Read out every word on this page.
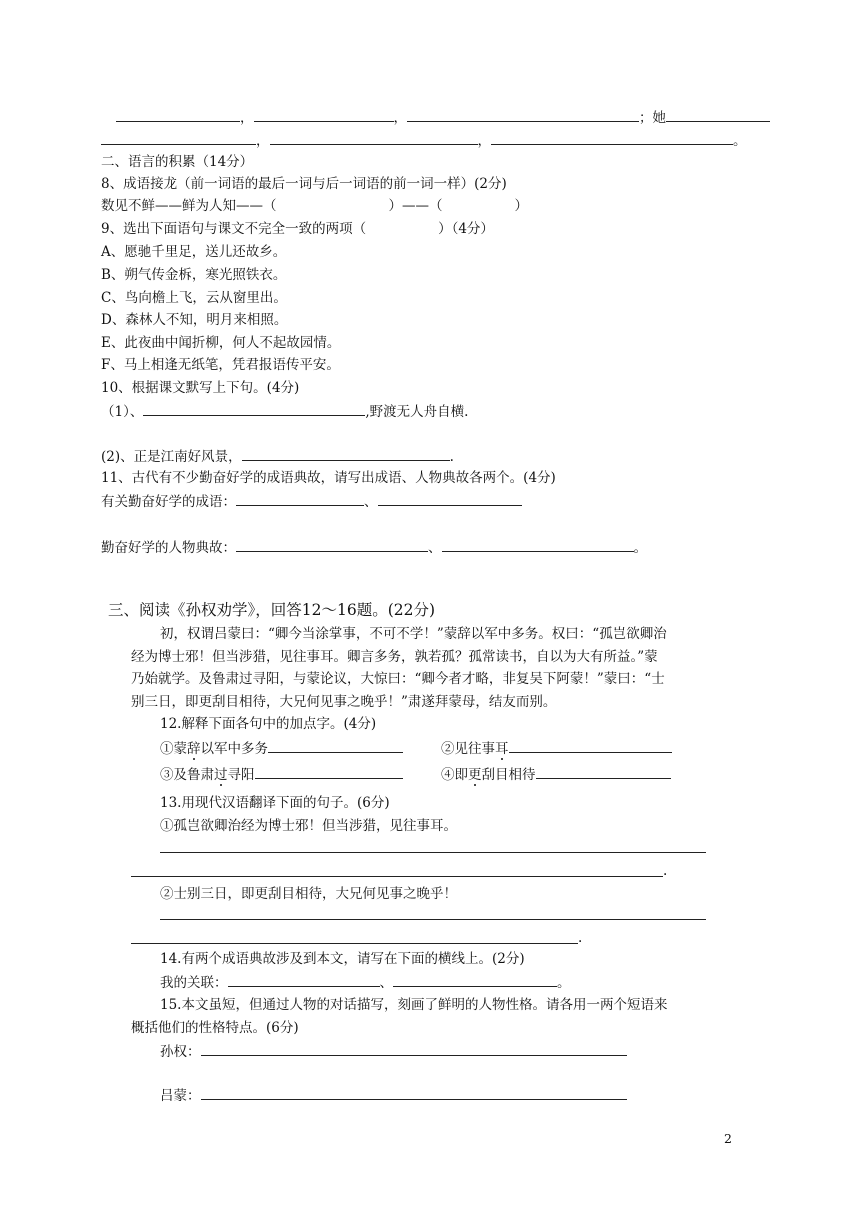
，	，	；她
，	，	。
二、语言的积累（14分）
8、成语接龙（前一词语的最后一词与后一词语的前一词一样）(2分)
数见不鲜——鲜为人知——（	）——（	）
9、选出下面语句与课文不完全一致的两项（	）（4分）
A、愿驰千里足，送儿还故乡。
B、朔气传金柝，寒光照铁衣。
C、鸟向檐上飞，云从窗里出。
D、森林人不知，明月来相照。
E、此夜曲中闻折柳，何人不起故园情。
F、马上相逢无纸笔，凭君报语传平安。
10、根据课文默写上下句。(4分)
（1）、	,野渡无人舟自横.
(2)、正是江南好风景，	.
11、古代有不少勤奋好学的成语典故，请写出成语、人物典故各两个。(4分)
有关勤奋好学的成语：	、
勤奋好学的人物典故：	、	。
三、阅读《孙权劝学》，回答12～16题。(22分)
初，权谓吕蒙曰：“卿今当涂掌事，不可不学！”蒙辞以军中多务。权曰：“孤岂欲卿治
经为博士邪！但当涉猎，见往事耳。卿言多务，孰若孤？孤常读书，自以为大有所益。”蒙
乃始就学。及鲁肃过寻阳，与蒙论议，大惊曰：“卿今者才略，非复吴下阿蒙！”蒙曰：“士
别三日，即更刮目相待，大兄何见事之晚乎！”肃遂拜蒙母，结友而别。
12.解释下面各句中的加点字。(4分)
①蒙辞以军中多务	②见往事耳
③及鲁肃过寻阳	④即更刮目相待
13.用现代汉语翻译下面的句子。(6分)
①孤岂欲卿治经为博士邪！但当涉猎，见往事耳。
.
②士别三日，即更刮目相待，大兄何见事之晚乎！
.
14.有两个成语典故涉及到本文，请写在下面的横线上。(2分)
我的关联：	、	。
15.本文虽短，但通过人物的对话描写，刻画了鲜明的人物性格。请各用一两个短语来
概括他们的性格特点。(6分)
孙权：
吕蒙：
2
